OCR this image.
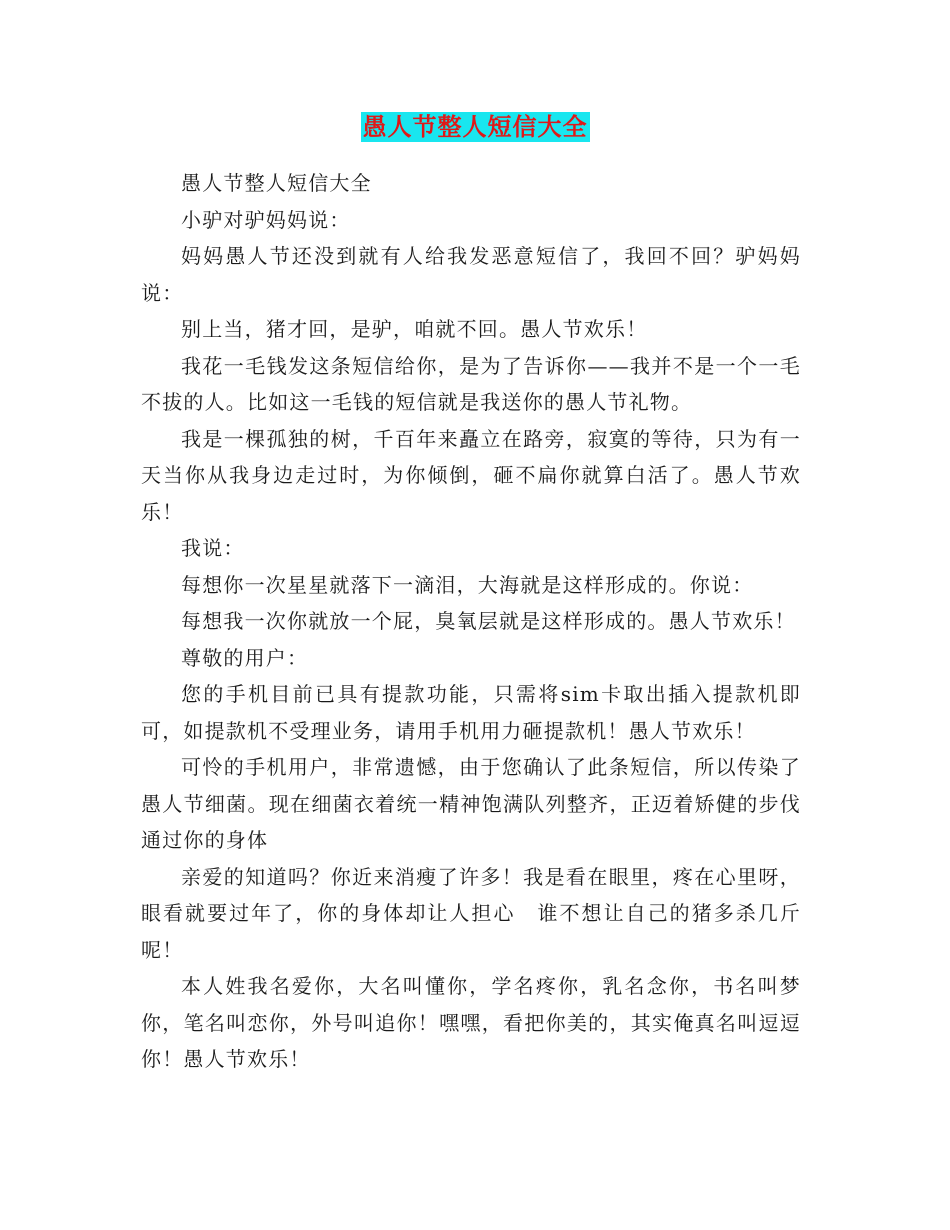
愚人节整人短信大全

愚人节整人短信大全

小驴对驴妈妈说：

妈妈愚人节还没到就有人给我发恶意短信了，我回不回？驴妈妈说：

别上当，猪才回，是驴，咱就不回。愚人节欢乐！

我花一毛钱发这条短信给你，是为了告诉你——我并不是一个一毛不拔的人。比如这一毛钱的短信就是我送你的愚人节礼物。

我是一棵孤独的树，千百年来矗立在路旁，寂寞的等待，只为有一天当你从我身边走过时，为你倾倒，砸不扁你就算白活了。愚人节欢乐！

我说：

每想你一次星星就落下一滴泪，大海就是这样形成的。你说：

每想我一次你就放一个屁，臭氧层就是这样形成的。愚人节欢乐！

尊敬的用户：

您的手机目前已具有提款功能，只需将sim卡取出插入提款机即可，如提款机不受理业务，请用手机用力砸提款机！愚人节欢乐！

可怜的手机用户，非常遗憾，由于您确认了此条短信，所以传染了愚人节细菌。现在细菌衣着统一精神饱满队列整齐，正迈着矫健的步伐通过你的身体

亲爱的知道吗？你近来消瘦了许多！我是看在眼里，疼在心里呀，眼看就要过年了，你的身体却让人担心　谁不想让自己的猪多杀几斤呢！

本人姓我名爱你，大名叫懂你，学名疼你，乳名念你，书名叫梦你，笔名叫恋你，外号叫追你！嘿嘿，看把你美的，其实俺真名叫逗逗你！愚人节欢乐！
